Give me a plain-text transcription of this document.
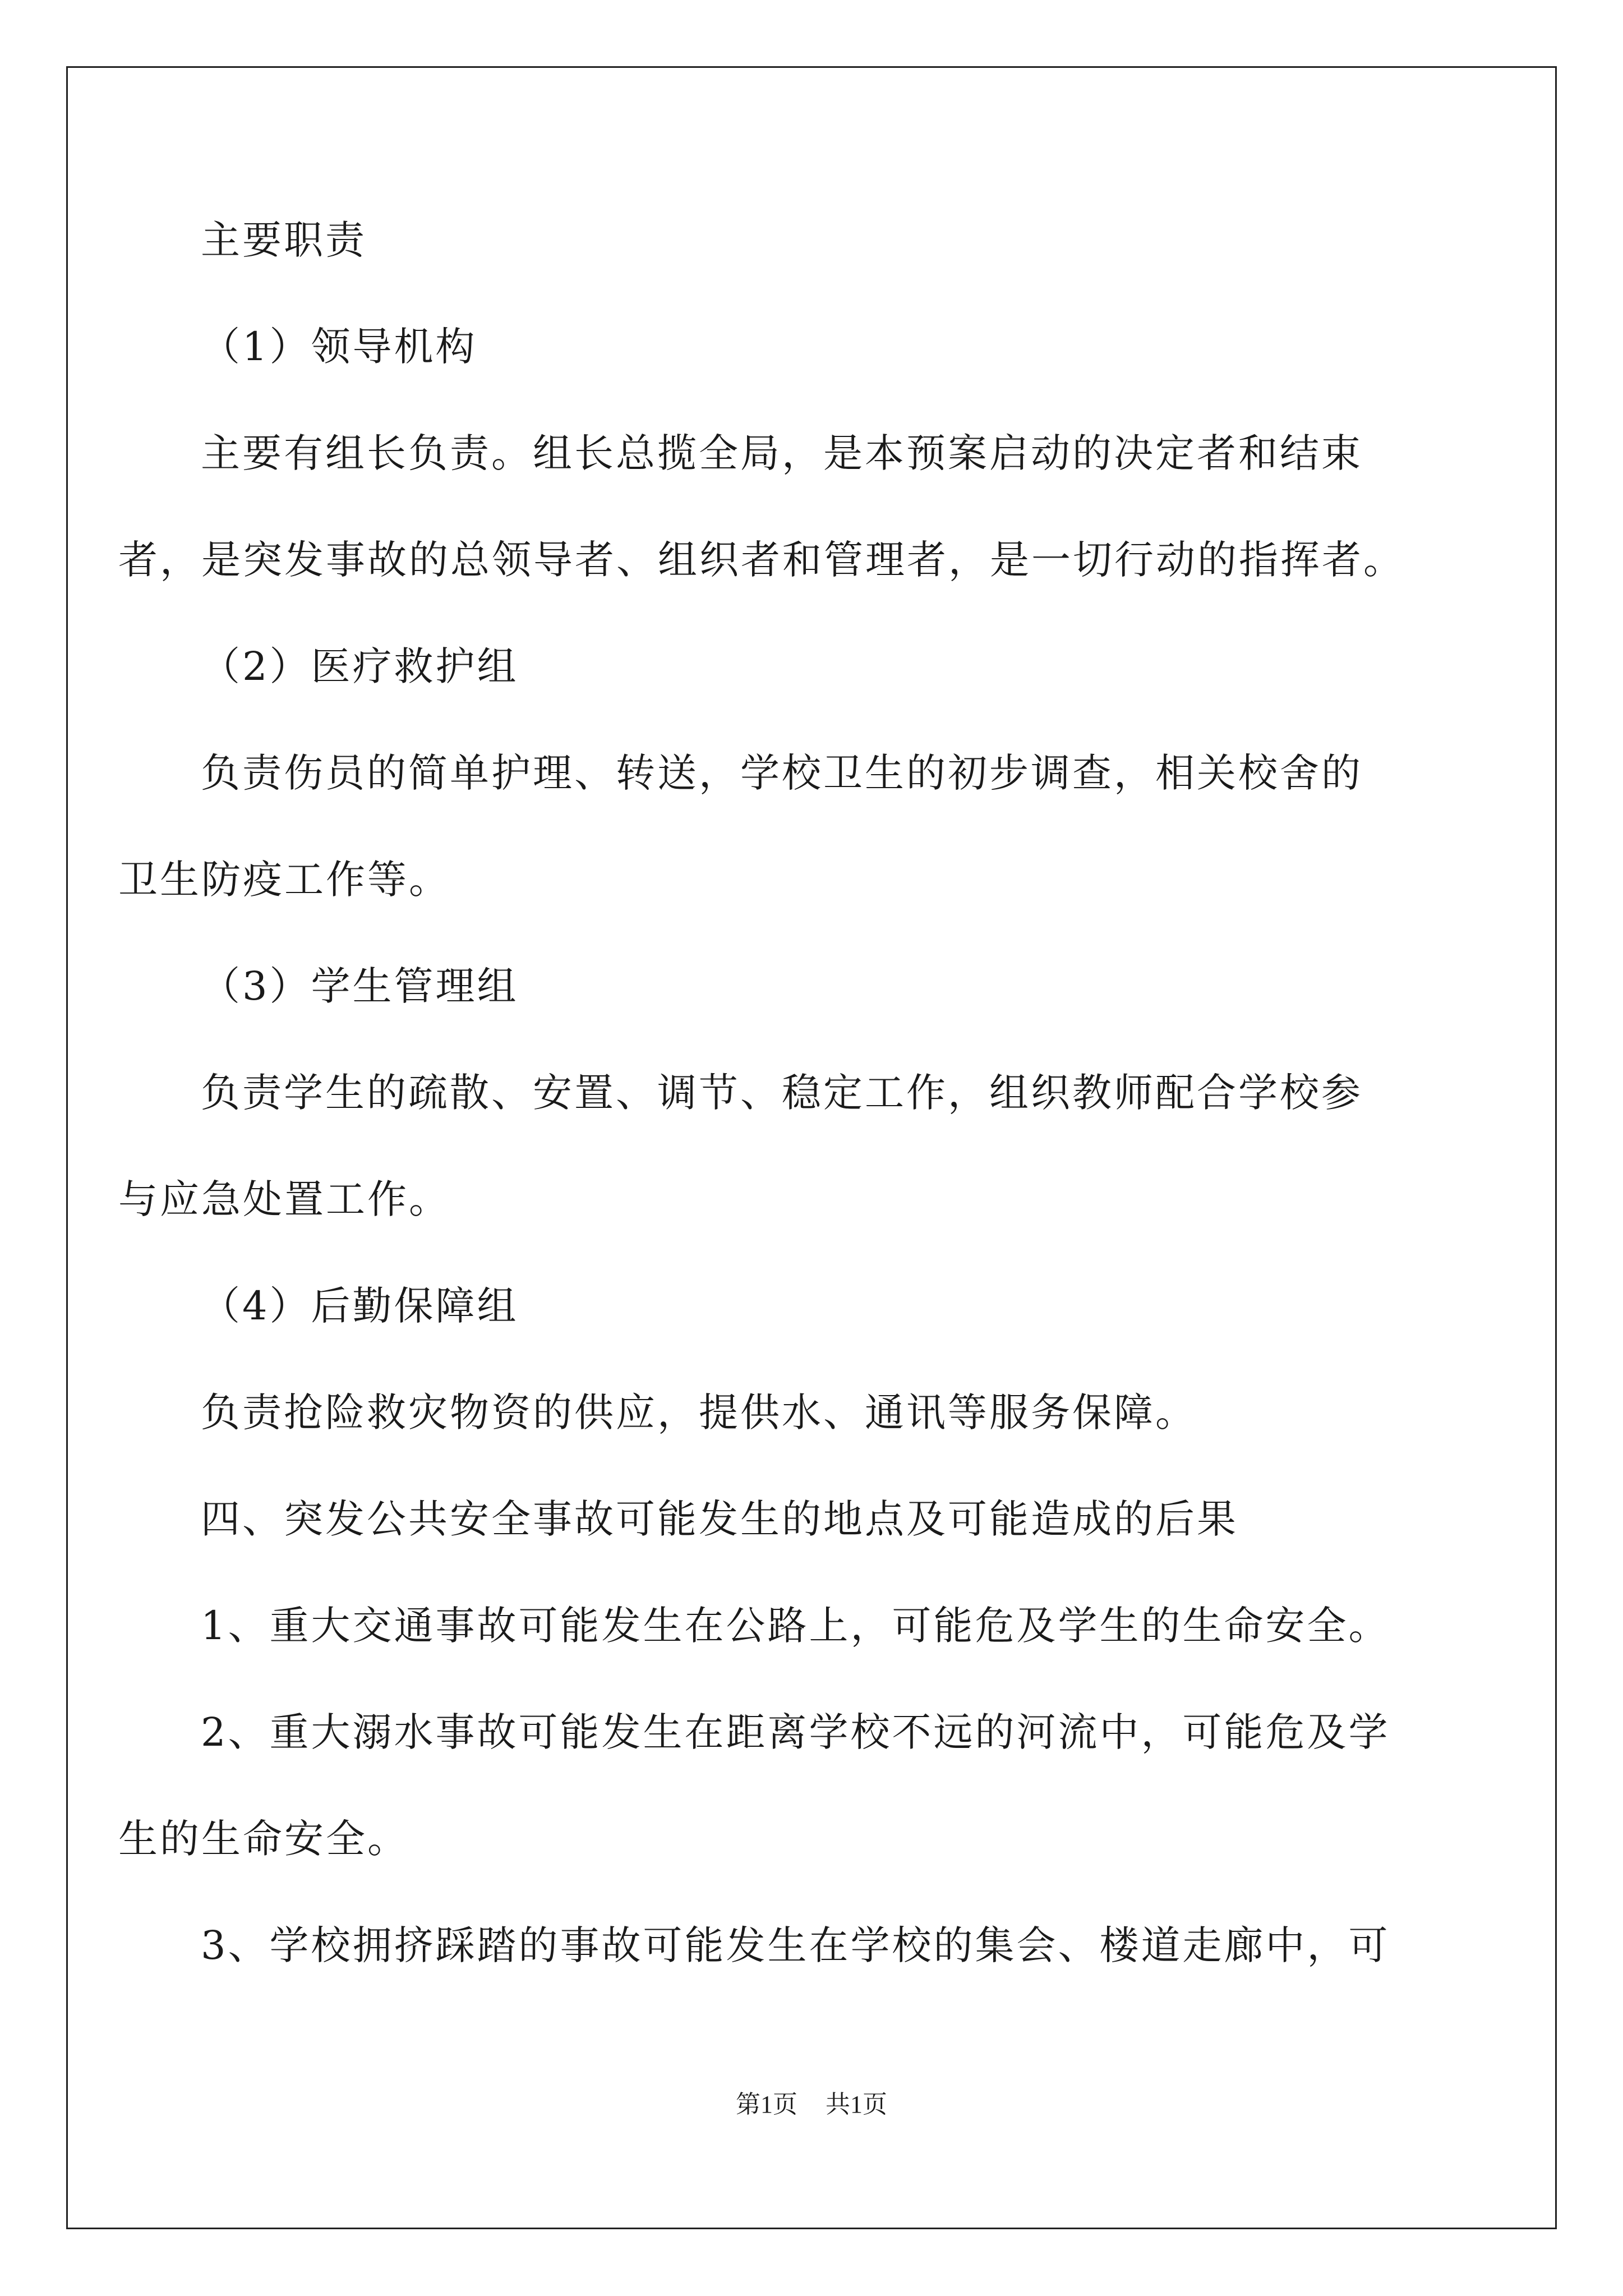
主要职责
（1）领导机构
主要有组长负责。组长总揽全局，是本预案启动的决定者和结束
者，是突发事故的总领导者、组织者和管理者，是一切行动的指挥者。
（2）医疗救护组
负责伤员的简单护理、转送，学校卫生的初步调查，相关校舍的
卫生防疫工作等。
（3）学生管理组
负责学生的疏散、安置、调节、稳定工作，组织教师配合学校参
与应急处置工作。
（4）后勤保障组
负责抢险救灾物资的供应，提供水、通讯等服务保障。
四、突发公共安全事故可能发生的地点及可能造成的后果
1、重大交通事故可能发生在公路上，可能危及学生的生命安全。
2、重大溺水事故可能发生在距离学校不远的河流中，可能危及学
生的生命安全。
3、学校拥挤踩踏的事故可能发生在学校的集会、楼道走廊中，可
第1页 共1页
